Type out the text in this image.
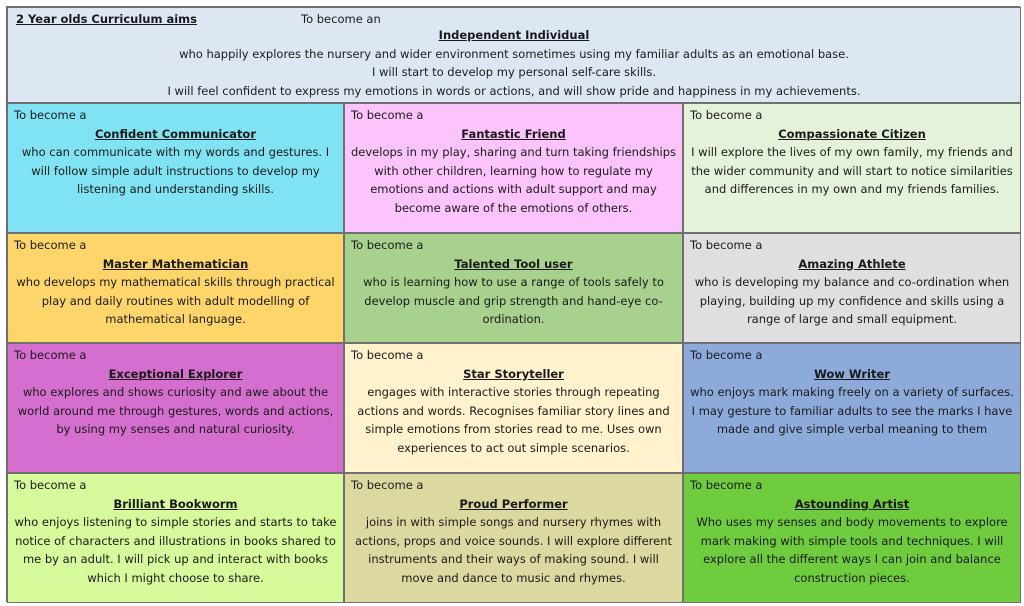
2 Year olds Curriculum aims	To become an
Independent Individual
who happily explores the nursery and wider environment sometimes using my familiar adults as an emotional base.
I will start to develop my personal self-care skills.
I will feel confident to express my emotions in words or actions, and will show pride and happiness in my achievements.
To become a
Confident Communicator
who can communicate with my words and gestures. I will follow simple adult instructions to develop my listening and understanding skills.
To become a
Fantastic Friend
develops in my play, sharing and turn taking friendships with other children, learning how to regulate my emotions and actions with adult support and may become aware of the emotions of others.
To become a
Compassionate Citizen
I will explore the lives of my own family, my friends and the wider community and will start to notice similarities and differences in my own and my friends families.
To become a
Master Mathematician
who develops my mathematical skills through practical play and daily routines with adult modelling of mathematical language.
To become a
Talented Tool user
who is learning how to use a range of tools safely to develop muscle and grip strength and hand-eye co-ordination.
To become a
Amazing Athlete
who is developing my balance and co-ordination when playing, building up my confidence and skills using a range of large and small equipment.
To become a
Exceptional Explorer
who explores and shows curiosity and awe about the world around me through gestures, words and actions, by using my senses and natural curiosity.
To become a
Star Storyteller
engages with interactive stories through repeating actions and words. Recognises familiar story lines and simple emotions from stories read to me. Uses own experiences to act out simple scenarios.
To become a
Wow Writer
who enjoys mark making freely on a variety of surfaces. I may gesture to familiar adults to see the marks I have made and give simple verbal meaning to them
To become a
Brilliant Bookworm
who enjoys listening to simple stories and starts to take notice of characters and illustrations in books shared to me by an adult. I will pick up and interact with books which I might choose to share.
To become a
Proud Performer
joins in with simple songs and nursery rhymes with actions, props and voice sounds. I will explore different instruments and their ways of making sound. I will move and dance to music and rhymes.
To become a
Astounding Artist
Who uses my senses and body movements to explore mark making with simple tools and techniques. I will explore all the different ways I can join and balance construction pieces.
